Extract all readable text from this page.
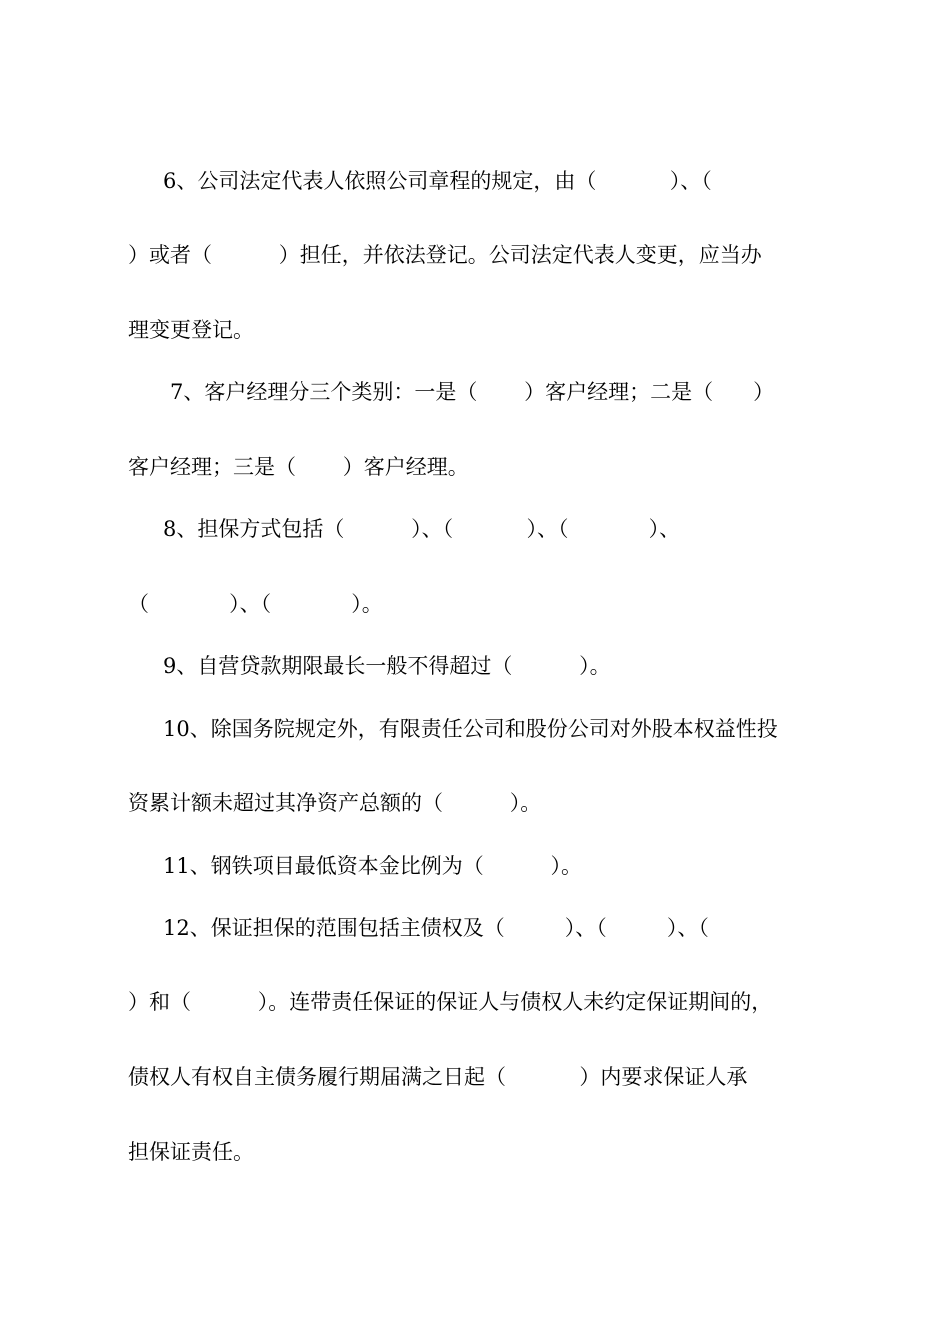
6、公司法定代表人依照公司章程的规定，由（           ）、（

）或者（          ）担任，并依法登记。公司法定代表人变更，应当办

理变更登记。

7、客户经理分三个类别：一是（       ）客户经理；二是（      ）

客户经理；三是（       ）客户经理。

8、担保方式包括（          ）、（           ）、（            ）、

（            ）、（            ）。

9、自营贷款期限最长一般不得超过（          ）。

10、除国务院规定外，有限责任公司和股份公司对外股本权益性投

资累计额未超过其净资产总额的（          ）。

11、钢铁项目最低资本金比例为（          ）。

12、保证担保的范围包括主债权及（         ）、（         ）、（

）和（          ）。连带责任保证的保证人与债权人未约定保证期间的，

债权人有权自主债务履行期届满之日起（           ）内要求保证人承

担保证责任。
